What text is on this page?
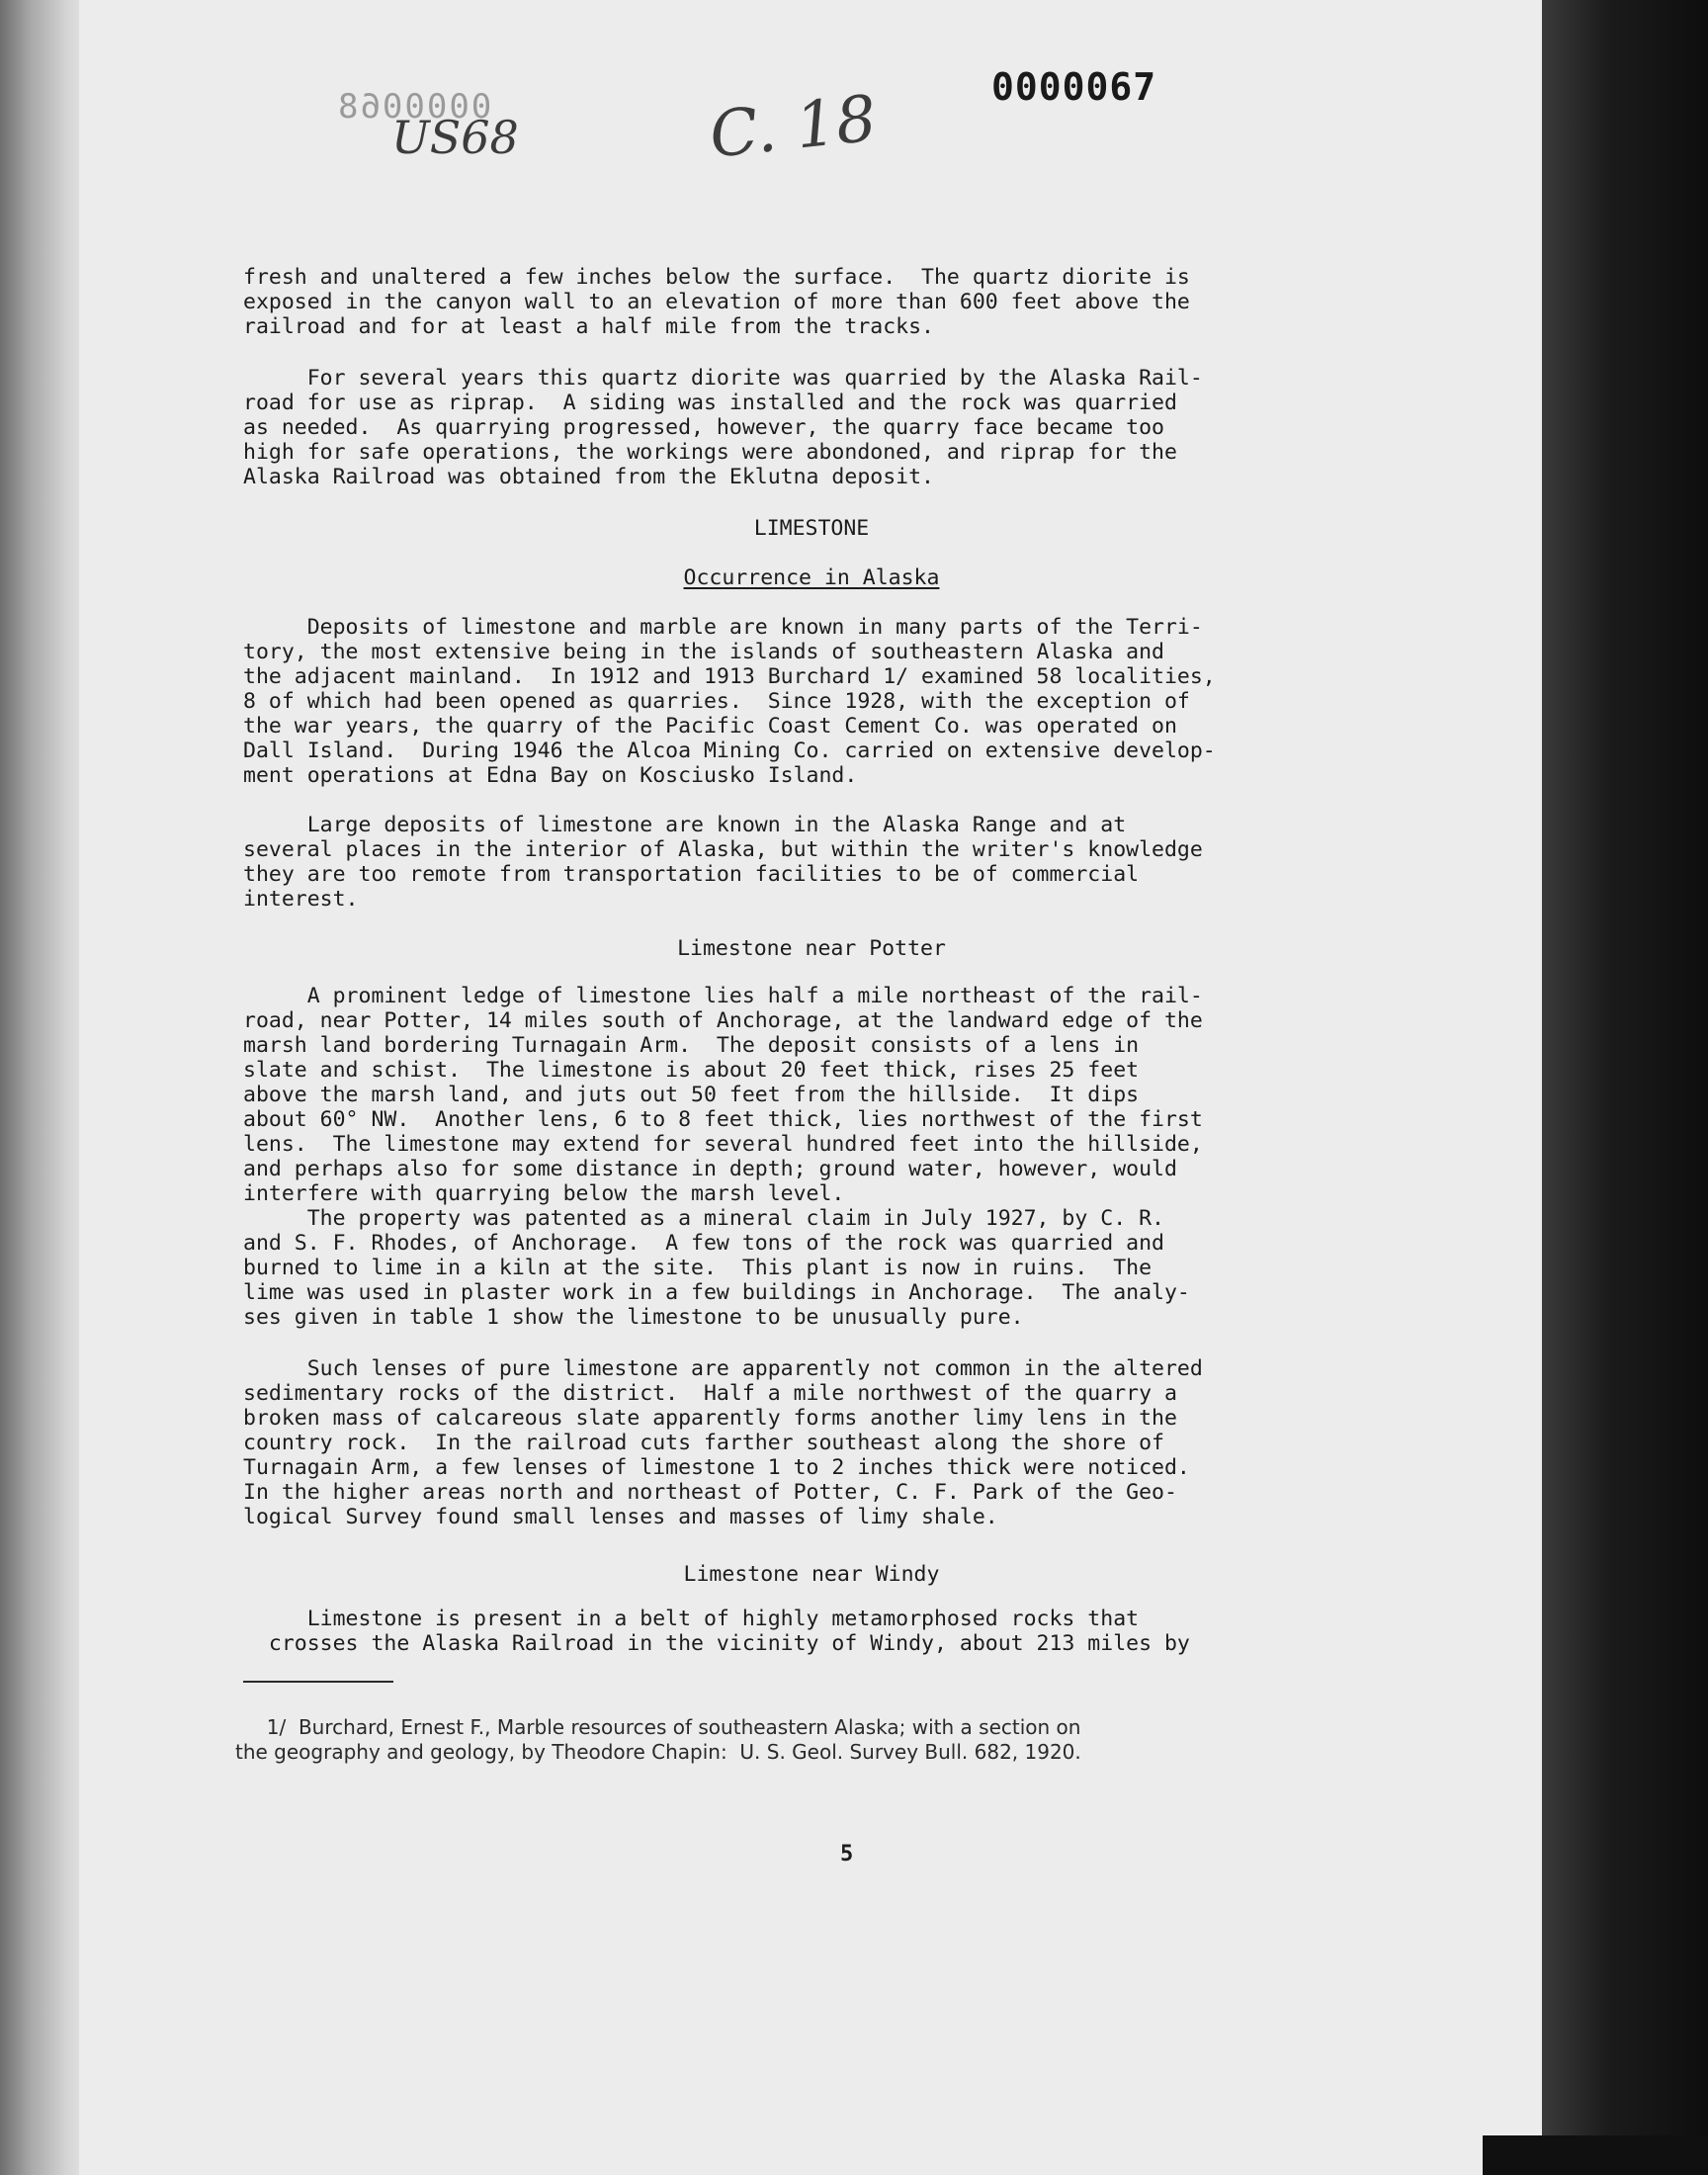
0000068
US68	C. 18	0000067
fresh and unaltered a few inches below the surface.  The quartz diorite is
exposed in the canyon wall to an elevation of more than 600 feet above the
railroad and for at least a half mile from the tracks.
For several years this quartz diorite was quarried by the Alaska Rail-
road for use as riprap.  A siding was installed and the rock was quarried
as needed.  As quarrying progressed, however, the quarry face became too
high for safe operations, the workings were abondoned, and riprap for the
Alaska Railroad was obtained from the Eklutna deposit.
LIMESTONE
Occurrence in Alaska
Deposits of limestone and marble are known in many parts of the Terri-
tory, the most extensive being in the islands of southeastern Alaska and
the adjacent mainland.  In 1912 and 1913 Burchard 1/ examined 58 localities,
8 of which had been opened as quarries.  Since 1928, with the exception of
the war years, the quarry of the Pacific Coast Cement Co. was operated on
Dall Island.  During 1946 the Alcoa Mining Co. carried on extensive develop-
ment operations at Edna Bay on Kosciusko Island.
Large deposits of limestone are known in the Alaska Range and at
several places in the interior of Alaska, but within the writer's knowledge
they are too remote from transportation facilities to be of commercial
interest.
Limestone near Potter
A prominent ledge of limestone lies half a mile northeast of the rail-
road, near Potter, 14 miles south of Anchorage, at the landward edge of the
marsh land bordering Turnagain Arm.  The deposit consists of a lens in
slate and schist.  The limestone is about 20 feet thick, rises 25 feet
above the marsh land, and juts out 50 feet from the hillside.  It dips
about 60° NW.  Another lens, 6 to 8 feet thick, lies northwest of the first
lens.  The limestone may extend for several hundred feet into the hillside,
and perhaps also for some distance in depth; ground water, however, would
interfere with quarrying below the marsh level.
The property was patented as a mineral claim in July 1927, by C. R.
and S. F. Rhodes, of Anchorage.  A few tons of the rock was quarried and
burned to lime in a kiln at the site.  This plant is now in ruins.  The
lime was used in plaster work in a few buildings in Anchorage.  The analy-
ses given in table 1 show the limestone to be unusually pure.
Such lenses of pure limestone are apparently not common in the altered
sedimentary rocks of the district.  Half a mile northwest of the quarry a
broken mass of calcareous slate apparently forms another limy lens in the
country rock.  In the railroad cuts farther southeast along the shore of
Turnagain Arm, a few lenses of limestone 1 to 2 inches thick were noticed.
In the higher areas north and northeast of Potter, C. F. Park of the Geo-
logical Survey found small lenses and masses of limy shale.
Limestone near Windy
Limestone is present in a belt of highly metamorphosed rocks that
crosses the Alaska Railroad in the vicinity of Windy, about 213 miles by
1/  Burchard, Ernest F., Marble resources of southeastern Alaska; with a section on
the geography and geology, by Theodore Chapin:  U. S. Geol. Survey Bull. 682, 1920.
5
